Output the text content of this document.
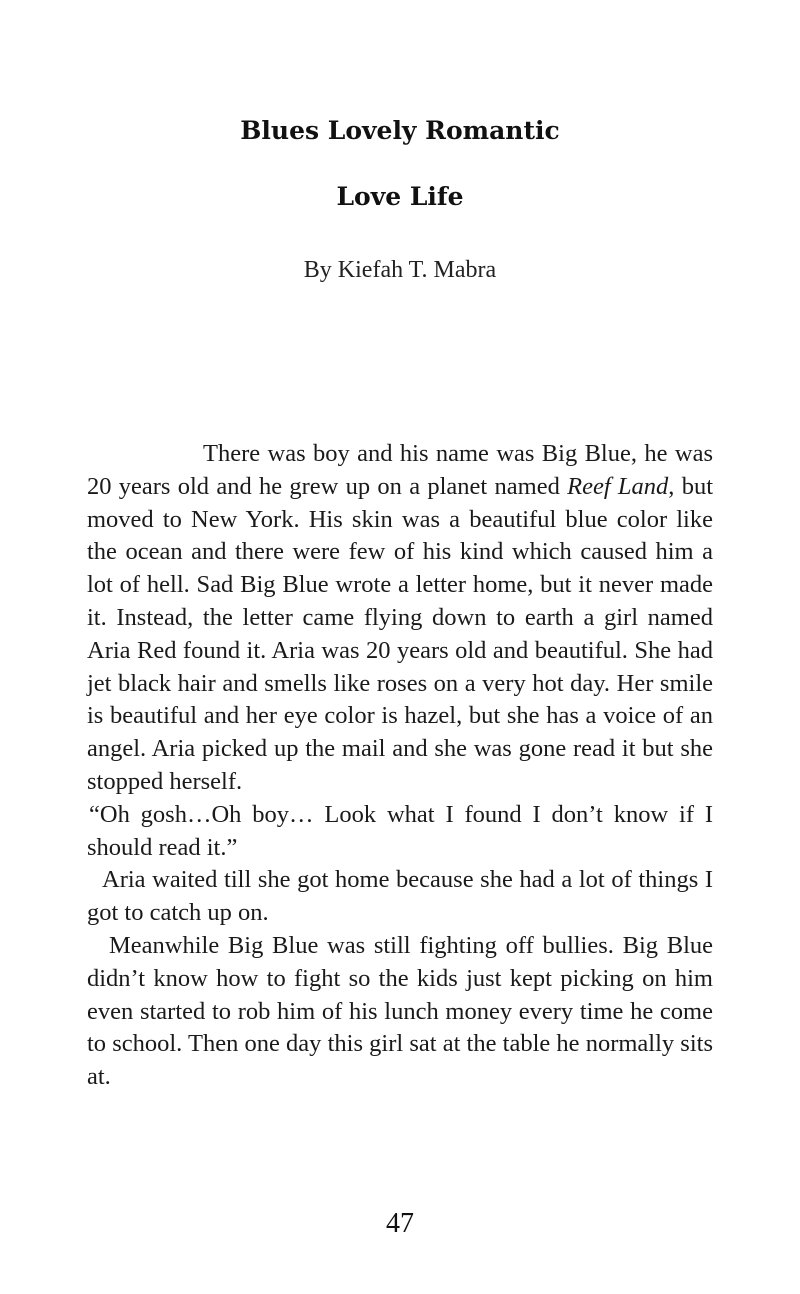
Blues Lovely Romantic
Love Life
By Kiefah T. Mabra

There was boy and his name was Big Blue, he was 20 years old and he grew up on a planet named Reef Land, but moved to New York. His skin was a beautiful blue color like the ocean and there were few of his kind which caused him a lot of hell. Sad Big Blue wrote a letter home, but it never made it. Instead, the letter came flying down to earth a girl named Aria Red found it. Aria was 20 years old and beautiful. She had jet black hair and smells like roses on a very hot day. Her smile is beautiful and her eye color is hazel, but she has a voice of an angel. Aria picked up the mail and she was gone read it but she stopped herself.

“Oh gosh…Oh boy… Look what I found I don’t know if I should read it.”

Aria waited till she got home because she had a lot of things I got to catch up on.

Meanwhile Big Blue was still fighting off bullies. Big Blue didn’t know how to fight so the kids just kept picking on him even started to rob him of his lunch money every time he come to school. Then one day this girl sat at the table he normally sits at.

47
